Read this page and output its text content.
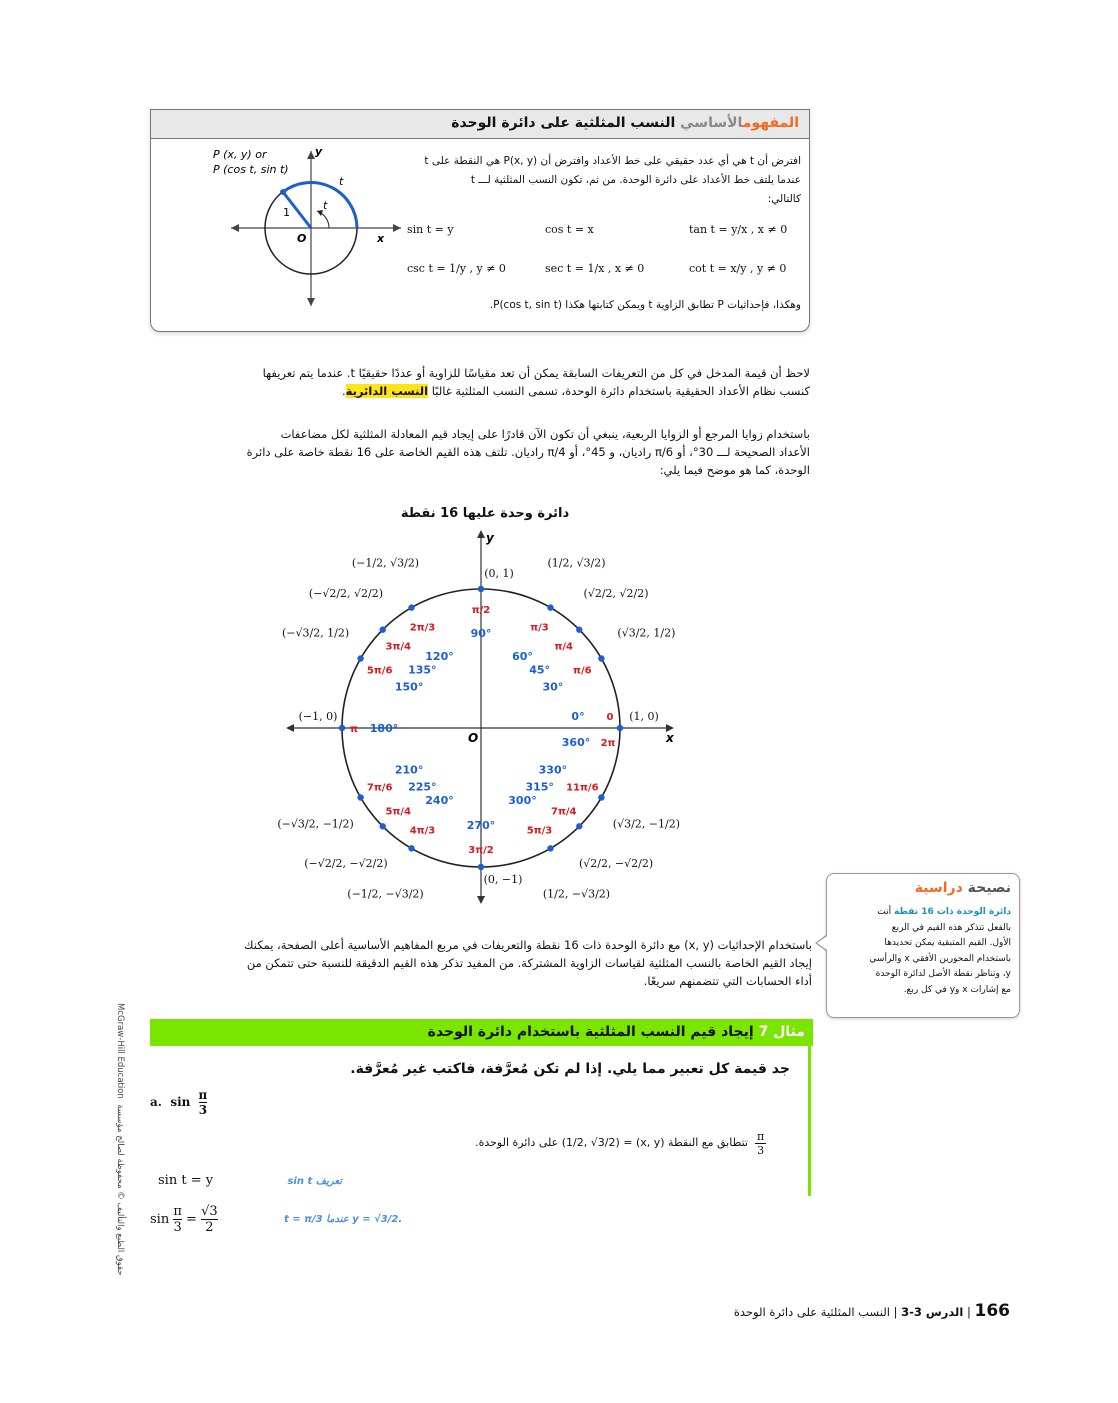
المفهومالأساسي النسب المثلثية على دائرة الوحدة
y
x
O
t
t
1
P (x, y) or
P (cos t, sin t)
افترض أن t هي أي عدد حقيقي على خط الأعداد وافترض أن P(x, y) هي النقطة على t
عندما يلتف خط الأعداد على دائرة الوحدة. من ثم، تكون النسب المثلثية لـــ t
كالتالي:
sin t = y	cos t = x	tan t = y/x , x ≠ 0
csc t = 1/y , y ≠ 0	sec t = 1/x , x ≠ 0	cot t = x/y , y ≠ 0
وهكذا، فإحداثيات P تطابق الزاوية t ويمكن كتابتها هكذا P(cos t, sin t).
لاحظ أن قيمة المدخل في كل من التعريفات السابقة يمكن أن تعد مقياسًا للزاوية أو عددًا حقيقيًا t. عندما يتم تعريفها
كنسب نظام الأعداد الحقيقية باستخدام دائرة الوحدة، تسمى النسب المثلثية غالبًا النسب الدائرية.
باستخدام زوايا المرجع أو الزوايا الربعية، ينبغي أن تكون الآن قادرًا على إيجاد قيم المعادلة المثلثية لكل مضاعفات
الأعداد الصحيحة لـــ 30°، أو π/6 راديان، و 45°، أو π/4 راديان. تلتف هذه القيم الخاصة على 16 نقطة خاصة على دائرة
الوحدة، كما هو موضح فيما يلي:
دائرة وحدة عليها 16 نقطة
x
y
O
(1, 0)
0
0°
(√3/2, 1/2)
π/6
30°
(√2/2, √2/2)
π/4
45°
(1/2, √3/2)
π/3
60°
(0, 1)
π/2
90°
(−1/2, √3/2)
2π/3
120°
(−√2/2, √2/2)
3π/4
135°
(−√3/2, 1/2)
5π/6
150°
(−1, 0)
π 180°
(−√3/2, −1/2)
7π/6
210°
(−√2/2, −√2/2)
5π/4
225°
(−1/2, −√3/2)
4π/3
240°
(0, −1)
3π/2
270°
(1/2, −√3/2)
5π/3
300°
(√2/2, −√2/2)
7π/4
315°
(√3/2, −1/2)
11π/6
330°
360° 2π
نصيحة دراسية
دائرة الوحدة ذات 16 نقطة أنت
بالفعل تتذكر هذه القيم في الربع
الأول. القيم المتبقية يمكن تحديدها
باستخدام المحورين الأفقي x والرأسي
y، وتناظر نقطة الأصل لدائرة الوحدة
مع إشارات x وy في كل ربع.
باستخدام الإحداثيات (x, y) مع دائرة الوحدة ذات 16 نقطة والتعريفات في مربع المفاهيم الأساسية أعلى الصفحة، يمكنك
إيجاد القيم الخاصة بالنسب المثلثية لقياسات الزاوية المشتركة. من المفيد تذكر هذه القيم الدقيقة للنسبة حتى تتمكن من
أداء الحسابات التي تتضمنهم سريعًا.
مثال 7 إيجاد قيم النسب المثلثية باستخدام دائرة الوحدة
جد قيمة كل تعبير مما يلي. إذا لم تكن مُعرَّفة، فاكتب غير مُعرَّفة.
a. $\sin \frac{\pi}{3}$
$\frac{\pi}{3}$
تتطابق مع النقطة (x, y) = (1/2, √3/2) على دائرة الوحدة.
sin t = y	تعريف sin t
$\sin \frac{\pi}{3} = \frac{√3}{2}$	t = π/3 عندما y = √3/2.
166 | الدرس 3-3 | النسب المثلثية على دائرة الوحدة
McGraw-Hill Education  حقوق الطبع والتأليف © محفوظة لصالح مؤسسة
